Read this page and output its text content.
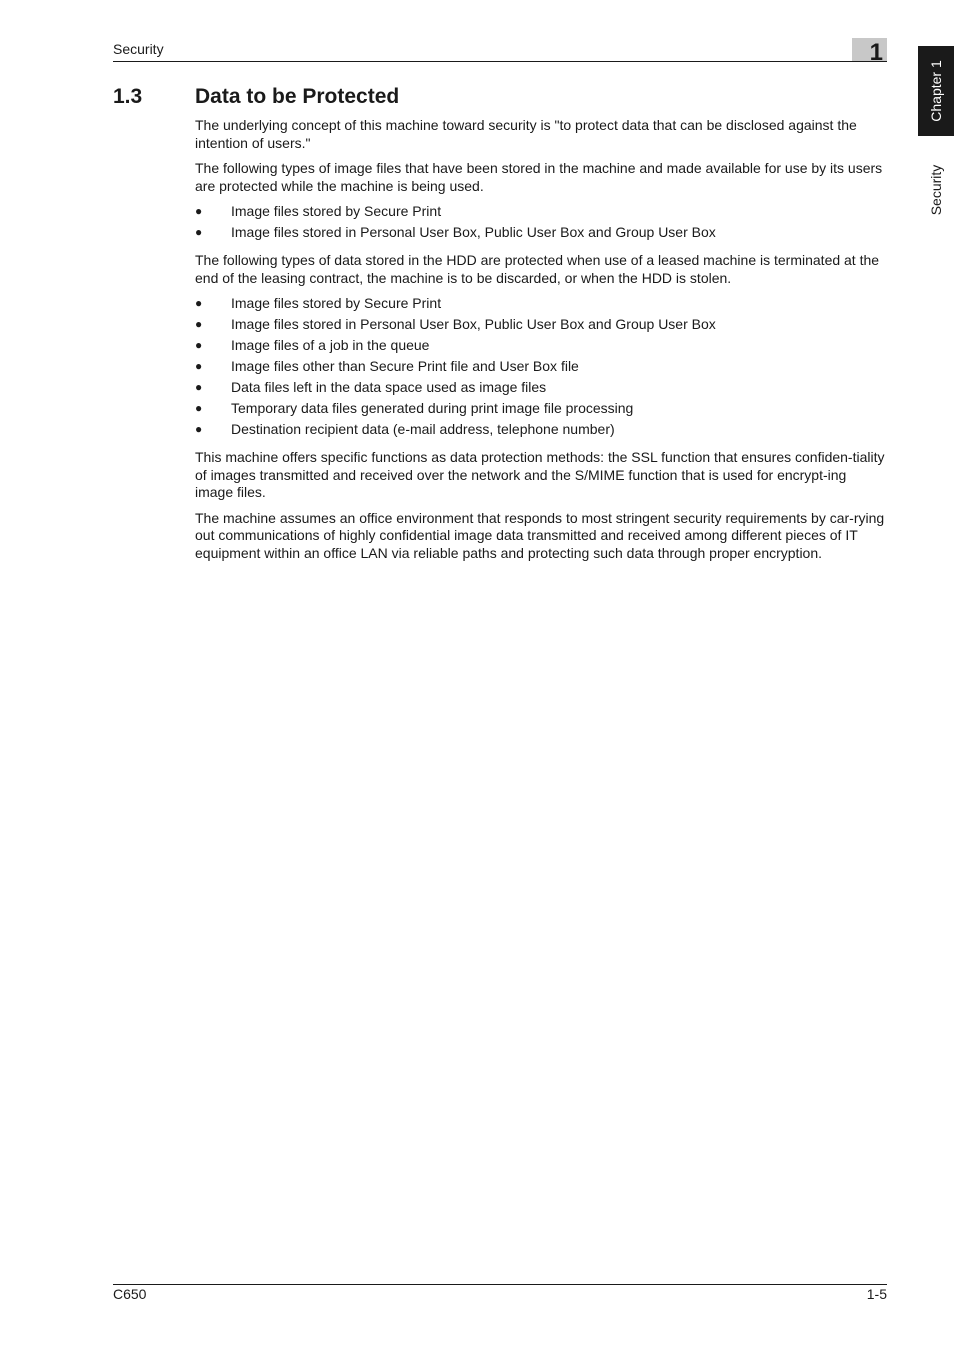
Security	1
Chapter 1
Security
1.3	Data to be Protected

The underlying concept of this machine toward security is "to protect data that can be disclosed against the intention of users."

The following types of image files that have been stored in the machine and made available for use by its users are protected while the machine is being used.

● Image files stored by Secure Print
● Image files stored in Personal User Box, Public User Box and Group User Box

The following types of data stored in the HDD are protected when use of a leased machine is terminated at the end of the leasing contract, the machine is to be discarded, or when the HDD is stolen.

● Image files stored by Secure Print
● Image files stored in Personal User Box, Public User Box and Group User Box
● Image files of a job in the queue
● Image files other than Secure Print file and User Box file
● Data files left in the data space used as image files
● Temporary data files generated during print image file processing
● Destination recipient data (e-mail address, telephone number)

This machine offers specific functions as data protection methods: the SSL function that ensures confiden-tiality of images transmitted and received over the network and the S/MIME function that is used for encrypt-ing image files.

The machine assumes an office environment that responds to most stringent security requirements by car-rying out communications of highly confidential image data transmitted and received among different pieces of IT equipment within an office LAN via reliable paths and protecting such data through proper encryption.

C650	1-5
